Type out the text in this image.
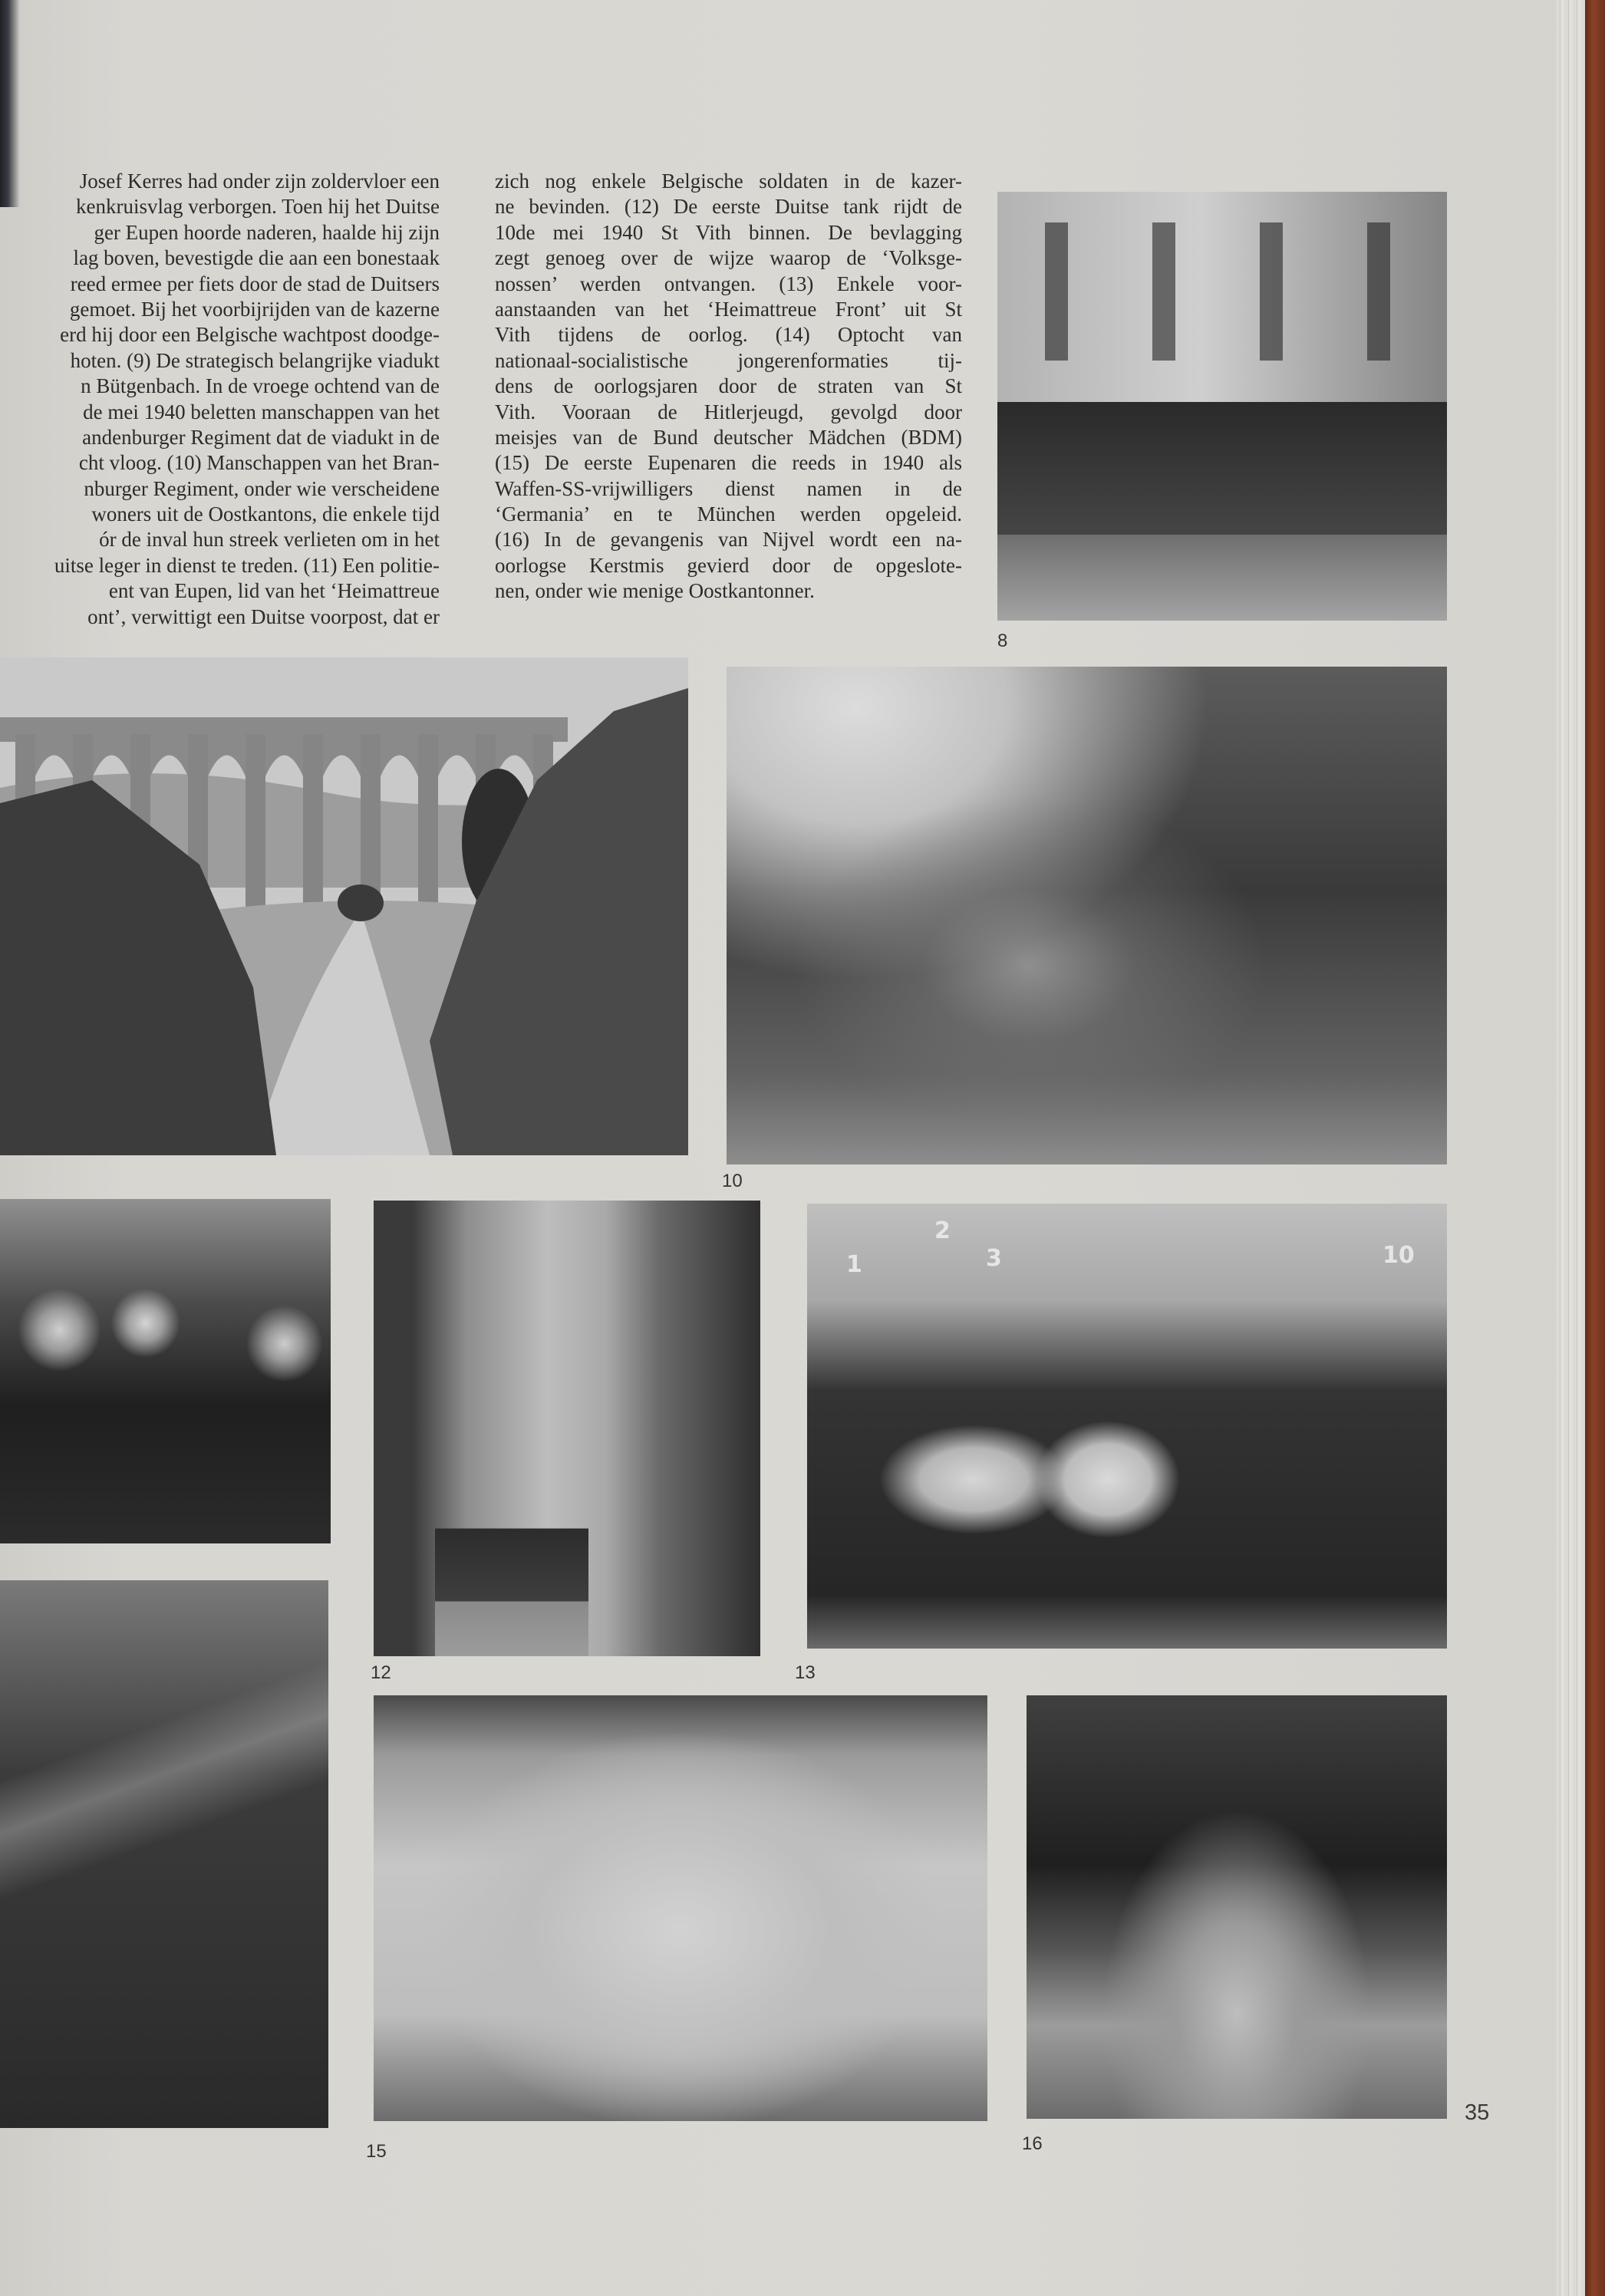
Josef Kerres had onder zijn zoldervloer een
kenkruisvlag verborgen. Toen hij het Duitse
ger Eupen hoorde naderen, haalde hij zijn
lag boven, bevestigde die aan een bonestaak
reed ermee per fiets door de stad de Duitsers
gemoet. Bij het voorbijrijden van de kazerne
erd hij door een Belgische wachtpost doodge-
hoten. (9) De strategisch belangrijke viadukt
n Bütgenbach. In de vroege ochtend van de
de mei 1940 beletten manschappen van het
andenburger Regiment dat de viadukt in de
cht vloog. (10) Manschappen van het Bran-
nburger Regiment, onder wie verscheidene
woners uit de Oostkantons, die enkele tijd
ór de inval hun streek verlieten om in het
uitse leger in dienst te treden. (11) Een politie-
ent van Eupen, lid van het ‘Heimattreue
ont’, verwittigt een Duitse voorpost, dat er
zich nog enkele Belgische soldaten in de kazer-
ne bevinden. (12) De eerste Duitse tank rijdt de
10de mei 1940 St Vith binnen. De bevlagging
zegt genoeg over de wijze waarop de ‘Volksge-
nossen’ werden ontvangen. (13) Enkele voor-
aanstaanden van het ‘Heimattreue Front’ uit St
Vith tijdens de oorlog. (14) Optocht van
nationaal-socialistische jongerenformaties tij-
dens de oorlogsjaren door de straten van St
Vith. Vooraan de Hitlerjeugd, gevolgd door
meisjes van de Bund deutscher Mädchen (BDM)
(15) De eerste Eupenaren die reeds in 1940 als
Waffen-SS-vrijwilligers dienst namen in de
‘Germania’ en te München werden opgeleid.
(16) In de gevangenis van Nijvel wordt een na-
oorlogse Kerstmis gevierd door de opgeslote-
nen, onder wie menige Oostkantonner.
8
10
12
1
2
3	10
13
15	16
35
